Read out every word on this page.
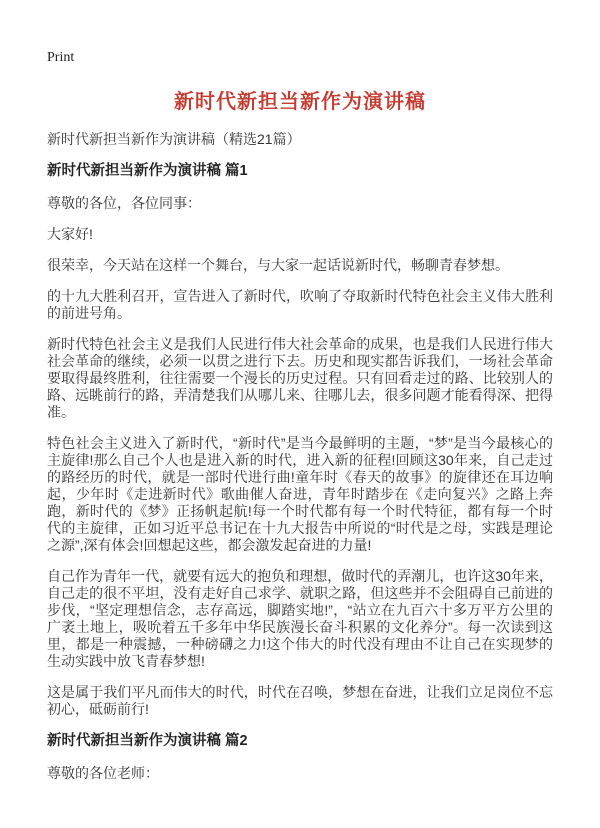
Print
新时代新担当新作为演讲稿

新时代新担当新作为演讲稿（精选21篇）

新时代新担当新作为演讲稿 篇1

尊敬的各位，各位同事：

大家好!

很荣幸，今天站在这样一个舞台，与大家一起话说新时代，畅聊青春梦想。

的十九大胜利召开，宣告进入了新时代，吹响了夺取新时代特色社会主义伟大胜利的前进号角。

新时代特色社会主义是我们人民进行伟大社会革命的成果，也是我们人民进行伟大社会革命的继续，必须一以贯之进行下去。历史和现实都告诉我们，一场社会革命要取得最终胜利，往往需要一个漫长的历史过程。只有回看走过的路、比较别人的路、远眺前行的路，弄清楚我们从哪儿来、往哪儿去，很多问题才能看得深、把得准。

特色社会主义进入了新时代，“新时代”是当今最鲜明的主题，“梦”是当今最核心的主旋律!那么自己个人也是进入新的时代，进入新的征程!回顾这30年来，自己走过的路经历的时代，就是一部时代进行曲!童年时《春天的故事》的旋律还在耳边响起，少年时《走进新时代》歌曲催人奋进，青年时踏步在《走向复兴》之路上奔跑，新时代的《梦》正扬帆起航!每一个时代都有每一个时代特征，都有每一个时代的主旋律，正如习近平总书记在十九大报告中所说的“时代是之母，实践是理论之源”,深有体会!回想起这些，都会激发起奋进的力量!

自己作为青年一代，就要有远大的抱负和理想，做时代的弄潮儿，也许这30年来，自己走的很不平坦，没有走好自己求学、就职之路，但这些并不会阻碍自己前进的步伐，“坚定理想信念，志存高远，脚踏实地!”，“站立在九百六十多万平方公里的广袤土地上，吸吮着五千多年中华民族漫长奋斗积累的文化养分”。每一次读到这里，都是一种震撼，一种磅礴之力!这个伟大的时代没有理由不让自己在实现梦的生动实践中放飞青春梦想!

这是属于我们平凡而伟大的时代，时代在召唤，梦想在奋进，让我们立足岗位不忘初心，砥砺前行!

新时代新担当新作为演讲稿 篇2

尊敬的各位老师：
